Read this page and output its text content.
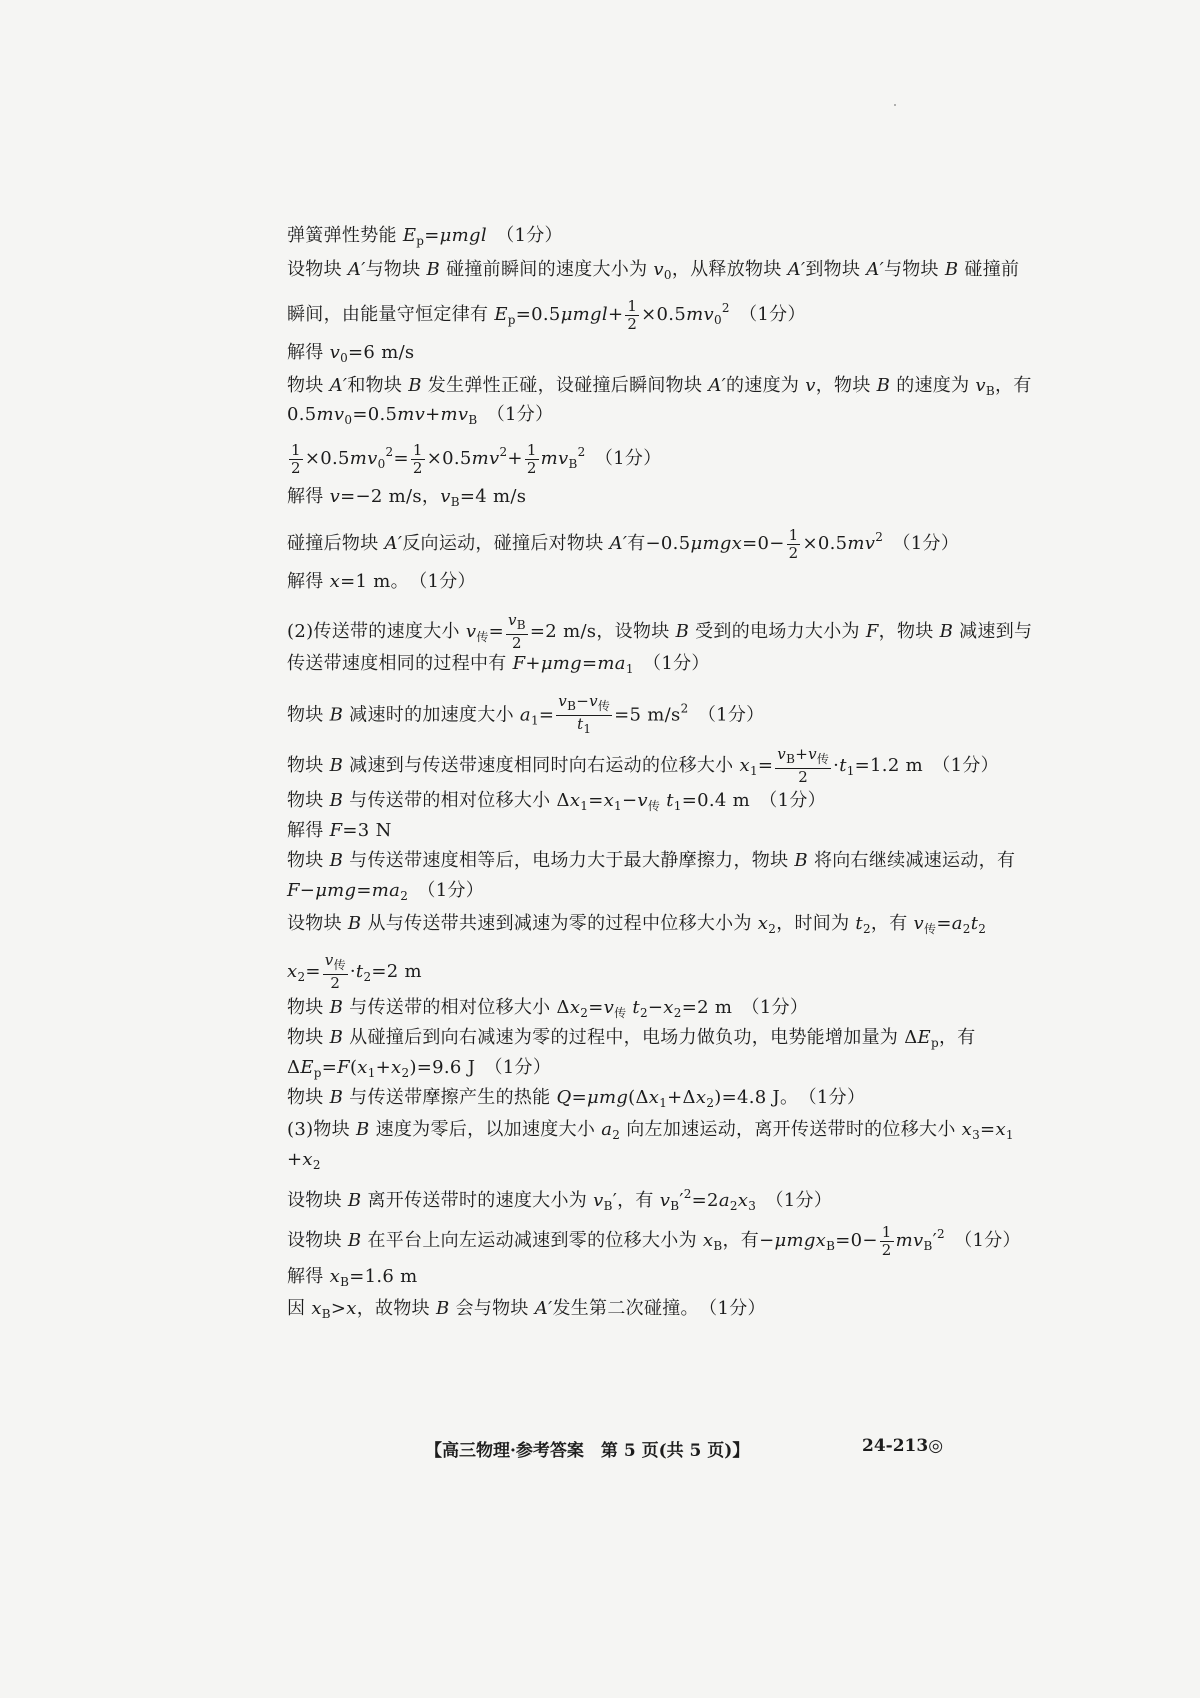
弹簧弹性势能 $E_p=\mu mgl$　（1分）
设物块 A′与物块 B 碰撞前瞬间的速度大小为 $v_0$，从释放物块 A′到物块 A′与物块 B 碰撞前
瞬间，由能量守恒定律有 $E_p=0.5\mu mgl+ \frac{1}{2} \times 0.5mv_0^2$　（1分）
解得 $v_0=6$ m/s
物块 A′和物块 B 发生弹性正碰，设碰撞后瞬间物块 A′的速度为 v，物块 B 的速度为 $v_B$，有
$0.5mv_0=0.5mv+mv_B$　（1分）
$\frac{1}{2} \times 0.5mv_0^2= \frac{1}{2} \times 0.5mv^2+ \frac{1}{2} mv_B^2$　（1分）
解得 v=−2 m/s，$v_B=4$ m/s
碰撞后物块 A′反向运动，碰撞后对物块 A′有$-0.5\mu mgx=0- \frac{1}{2} \times 0.5mv^2$　（1分）
解得 x=1 m。　（1分）
(2)传送带的速度大小 $v_传= \frac{v_B}{2} =2$ m/s，设物块 B 受到的电场力大小为 F，物块 B 减速到与
传送带速度相同的过程中有 $F+\mu mg=ma_1$　（1分）
物块 B 减速时的加速度大小 $a_1= \frac{v_B-v_传}{t_1} =5$ $m/s^2$　（1分）
物块 B 减速到与传送带速度相同时向右运动的位移大小 $x_1= \frac{v_B+v_传}{2} \cdot t_1=1.2$ m　（1分）
物块 B 与传送带的相对位移大小 $\Delta x_1=x_1-v_传$ $t_1=0.4$ m　（1分）
解得 F=3 N
物块 B 与传送带速度相等后，电场力大于最大静摩擦力，物块 B 将向右继续减速运动，有
$F-\mu mg=ma_2$　（1分）
设物块 B 从与传送带共速到减速为零的过程中位移大小为 $x_2$，时间为 $t_2$，有 $v_传=a_2t_2$
$x_2= \frac{v_传}{2} \cdot t_2=2$ m
物块 B 与传送带的相对位移大小 $\Delta x_2=v_传$ $t_2-x_2=2$ m　（1分）
物块 B 从碰撞后到向右减速为零的过程中，电场力做负功，电势能增加量为 $\Delta E_p$，有
$\Delta E_p=F(x_1+x_2)=9.6$ J　（1分）
物块 B 与传送带摩擦产生的热能 $Q=\mu mg(\Delta x_1+\Delta x_2)=4.8$ J。　（1分）
(3)物块 B 速度为零后，以加速度大小 $a_2$ 向左加速运动，离开传送带时的位移大小 $x_3=x_1$
$+x_2$
设物块 B 离开传送带时的速度大小为 $v_B'$，有 $v_B'^2=2a_2x_3$　（1分）
设物块 B 在平台上向左运动减速到零的位移大小为 $x_B$，有$-\mu mgx_B=0- \frac{1}{2} mv_B'^2$　（1分）
解得 $x_B=1.6$ m
因 $x_B>x$，故物块 B 会与物块 A′发生第二次碰撞。　（1分）
【高三物理·参考答案　第 5 页(共 5 页)】	24-213◎
